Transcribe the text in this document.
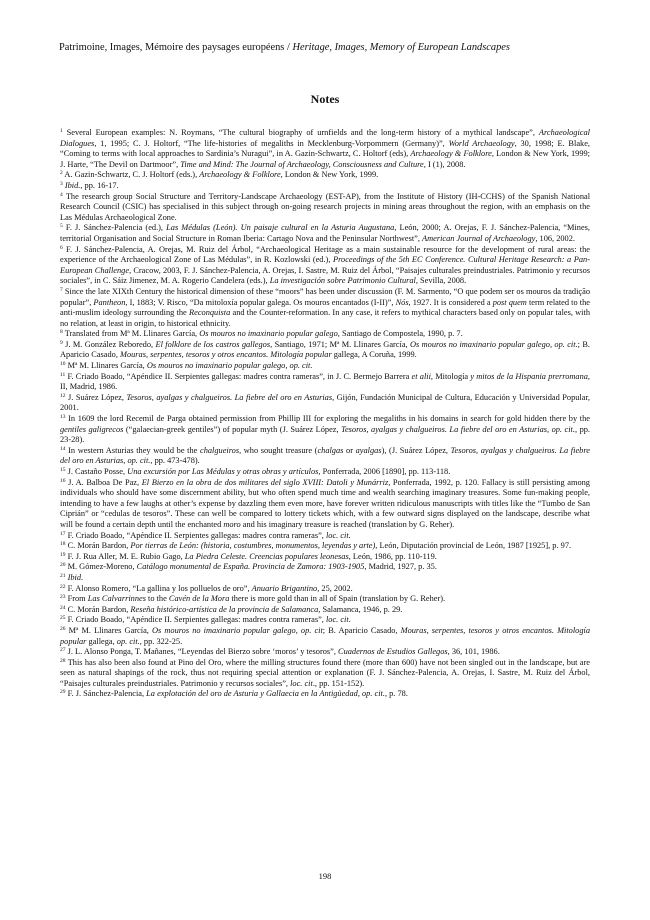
Patrimoine, Images, Mémoire des paysages européens / Heritage, Images, Memory of European Landscapes
Notes

$^1$ Several European examples: N. Roymans, “The cultural biography of urnfields and the long-term history of a mythical landscape”, Archaeological Dialogues, 1, 1995; C. J. Holtorf, “The life-histories of megaliths in Mecklenburg-Vorpommern (Germany)”, World Archaeology, 30, 1998; E. Blake, “Coming to terms with local approaches to Sardinia’s Nuragui”, in A. Gazin-Schwartz, C. Holtorf (eds), Archaeology & Folklore, London & New York, 1999; J. Harte, “The Devil on Dartmoor”, Time and Mind: The Journal of Archaeology, Consciousness and Culture, I (1), 2008.

$^2$ A. Gazin-Schwartz, C. J. Holtorf (eds.), Archaeology & Folklore, London & New York, 1999.

$^3$ Ibid., pp. 16-17.

$^4$ The research group Social Structure and Territory-Landscape Archaeology (EST-AP), from the Institute of History (IH-CCHS) of the Spanish National Research Council (CSIC) has specialised in this subject through on-going research projects in mining areas throughout the region, with an emphasis on the Las Médulas Archaeological Zone.

$^5$ F. J. Sánchez-Palencia (ed.), Las Médulas (León). Un paisaje cultural en la Asturia Augustana, León, 2000; A. Orejas, F. J. Sánchez-Palencia, “Mines, territorial Organisation and Social Structure in Roman Iberia: Cartago Nova and the Peninsular Northwest”, American Journal of Archaeology, 106, 2002.

$^6$ F. J. Sánchez-Palencia, A. Orejas, M. Ruiz del Árbol, “Archaeological Heritage as a main sustainable resource for the development of rural areas: the experience of the Archaeological Zone of Las Médulas”, in R. Kozlowski (ed.), Proceedings of the 5th EC Conference. Cultural Heritage Research: a Pan-European Challenge, Cracow, 2003, F. J. Sánchez-Palencia, A. Orejas, I. Sastre, M. Ruiz del Árbol, “Paisajes culturales preindustriales. Patrimonio y recursos sociales”, in C. Sáiz Jimenez, M. A. Rogerio Candelera (eds.), La investigación sobre Patrimonio Cultural, Sevilla, 2008.

$^7$ Since the late XIXth Century the historical dimension of these “moors” has been under discussion (F. M. Sarmento, “O que podem ser os mouros da tradição popular”, Pantheon, I, 1883; V. Risco, “Da mitoloxía popular galega. Os mouros encantados (I-II)”, Nós, 1927. It is considered a post quem term related to the anti-muslim ideology surrounding the Reconquista and the Counter-reformation. In any case, it refers to mythical characters based only on popular tales, with no relation, at least in origin, to historical ethnicity.

$^8$ Translated from Mª M. Llinares García, Os mouros no imaxinario popular galego, Santiago de Compostela, 1990, p. 7.

$^9$ J. M. González Reboredo, El folklore de los castros gallegos, Santiago, 1971; Mª M. Llinares García, Os mouros no imaxinario popular galego, op. cit.; B. Aparicio Casado, Mouras, serpentes, tesoros y otros encantos. Mitología popular gallega, A Coruña, 1999.

$^{10}$ Mª M. Llinares García, Os mouros no imaxinario popular galego, op. cit.

$^{11}$ F. Criado Boado, “Apéndice II. Serpientes gallegas: madres contra rameras”, in J. C. Bermejo Barrera et alii, Mitología y mitos de la Hispania prerromana, II, Madrid, 1986.

$^{12}$ J. Suárez López, Tesoros, ayalgas y chalgueiros. La fiebre del oro en Asturias, Gijón, Fundación Municipal de Cultura, Educación y Universidad Popular, 2001.

$^{13}$ In 1609 the lord Recemil de Parga obtained permission from Phillip III for exploring the megaliths in his domains in search for gold hidden there by the gentiles galigrecos (“galaecian-greek gentiles”) of popular myth (J. Suárez López, Tesoros, ayalgas y chalgueiros. La fiebre del oro en Asturias, op. cit., pp. 23-28).

$^{14}$ In western Asturias they would be the chalgueiros, who sought treasure (chalgas or ayalgas), (J. Suárez López, Tesoros, ayalgas y chalgueiros. La fiebre del oro en Asturias, op. cit., pp. 473-478).

$^{15}$ J. Castaño Posse, Una excursión por Las Médulas y otras obras y artículos, Ponferrada, 2006 [1890], pp. 113-118.

$^{16}$ J. A. Balboa De Paz, El Bierzo en la obra de dos militares del siglo XVIII: Datoli y Munárriz, Ponferrada, 1992, p. 120. Fallacy is still persisting among individuals who should have some discernment ability, but who often spend much time and wealth searching imaginary treasures. Some fun-making people, intending to have a few laughs at other’s expense by dazzling them even more, have forever written ridiculous manuscripts with titles like the “Tumbo de San Ciprián” or “cedulas de tesoros”. These can well be compared to lottery tickets which, with a few outward signs displayed on the landscape, describe what will be found a certain depth until the enchanted moro and his imaginary treasure is reached (translation by G. Reher).

$^{17}$ F. Criado Boado, “Apéndice II. Serpientes gallegas: madres contra rameras”, loc. cit.

$^{18}$ C. Morán Bardon, Por tierras de León: (historia, costumbres, monumentos, leyendas y arte), León, Diputación provincial de León, 1987 [1925], p. 97.

$^{19}$ F. J. Rua Aller, M. E. Rubio Gago, La Piedra Celeste. Creencias populares leonesas, León, 1986, pp. 110-119.

$^{20}$ M. Gómez-Moreno, Catálogo monumental de España. Provincia de Zamora: 1903-1905, Madrid, 1927, p. 35.

$^{21}$ Ibid.

$^{22}$ F. Alonso Romero, “La gallina y los polluelos de oro”, Anuario Brigantino, 25, 2002.

$^{23}$ From Las Calvarrinnes to the Cavén de la Mora there is more gold than in all of Spain (translation by G. Reher).

$^{24}$ C. Morán Bardon, Reseña histórico-artística de la provincia de Salamanca, Salamanca, 1946, p. 29.

$^{25}$ F. Criado Boado, “Apéndice II. Serpientes gallegas: madres contra rameras”, loc. cit.

$^{26}$ Mª M. Llinares García, Os mouros no imaxinario popular galego, op. cit; B. Aparicio Casado, Mouras, serpentes, tesoros y otros encantos. Mitología popular gallega, op. cit., pp. 322-25.

$^{27}$ J. L. Alonso Ponga, T. Mañanes, “Leyendas del Bierzo sobre ‘moros’ y tesoros”, Cuadernos de Estudios Gallegos, 36, 101, 1986.

$^{28}$ This has also been also found at Pino del Oro, where the milling structures found there (more than 600) have not been singled out in the landscape, but are seen as natural shapings of the rock, thus not requiring special attention or explanation (F. J. Sánchez-Palencia, A. Orejas, I. Sastre, M. Ruiz del Árbol, “Paisajes culturales preindustriales. Patrimonio y recursos sociales”, loc. cit., pp. 151-152).

$^{29}$ F. J. Sánchez-Palencia, La explotación del oro de Asturia y Gallaecia en la Antigüedad, op. cit., p. 78.

198
